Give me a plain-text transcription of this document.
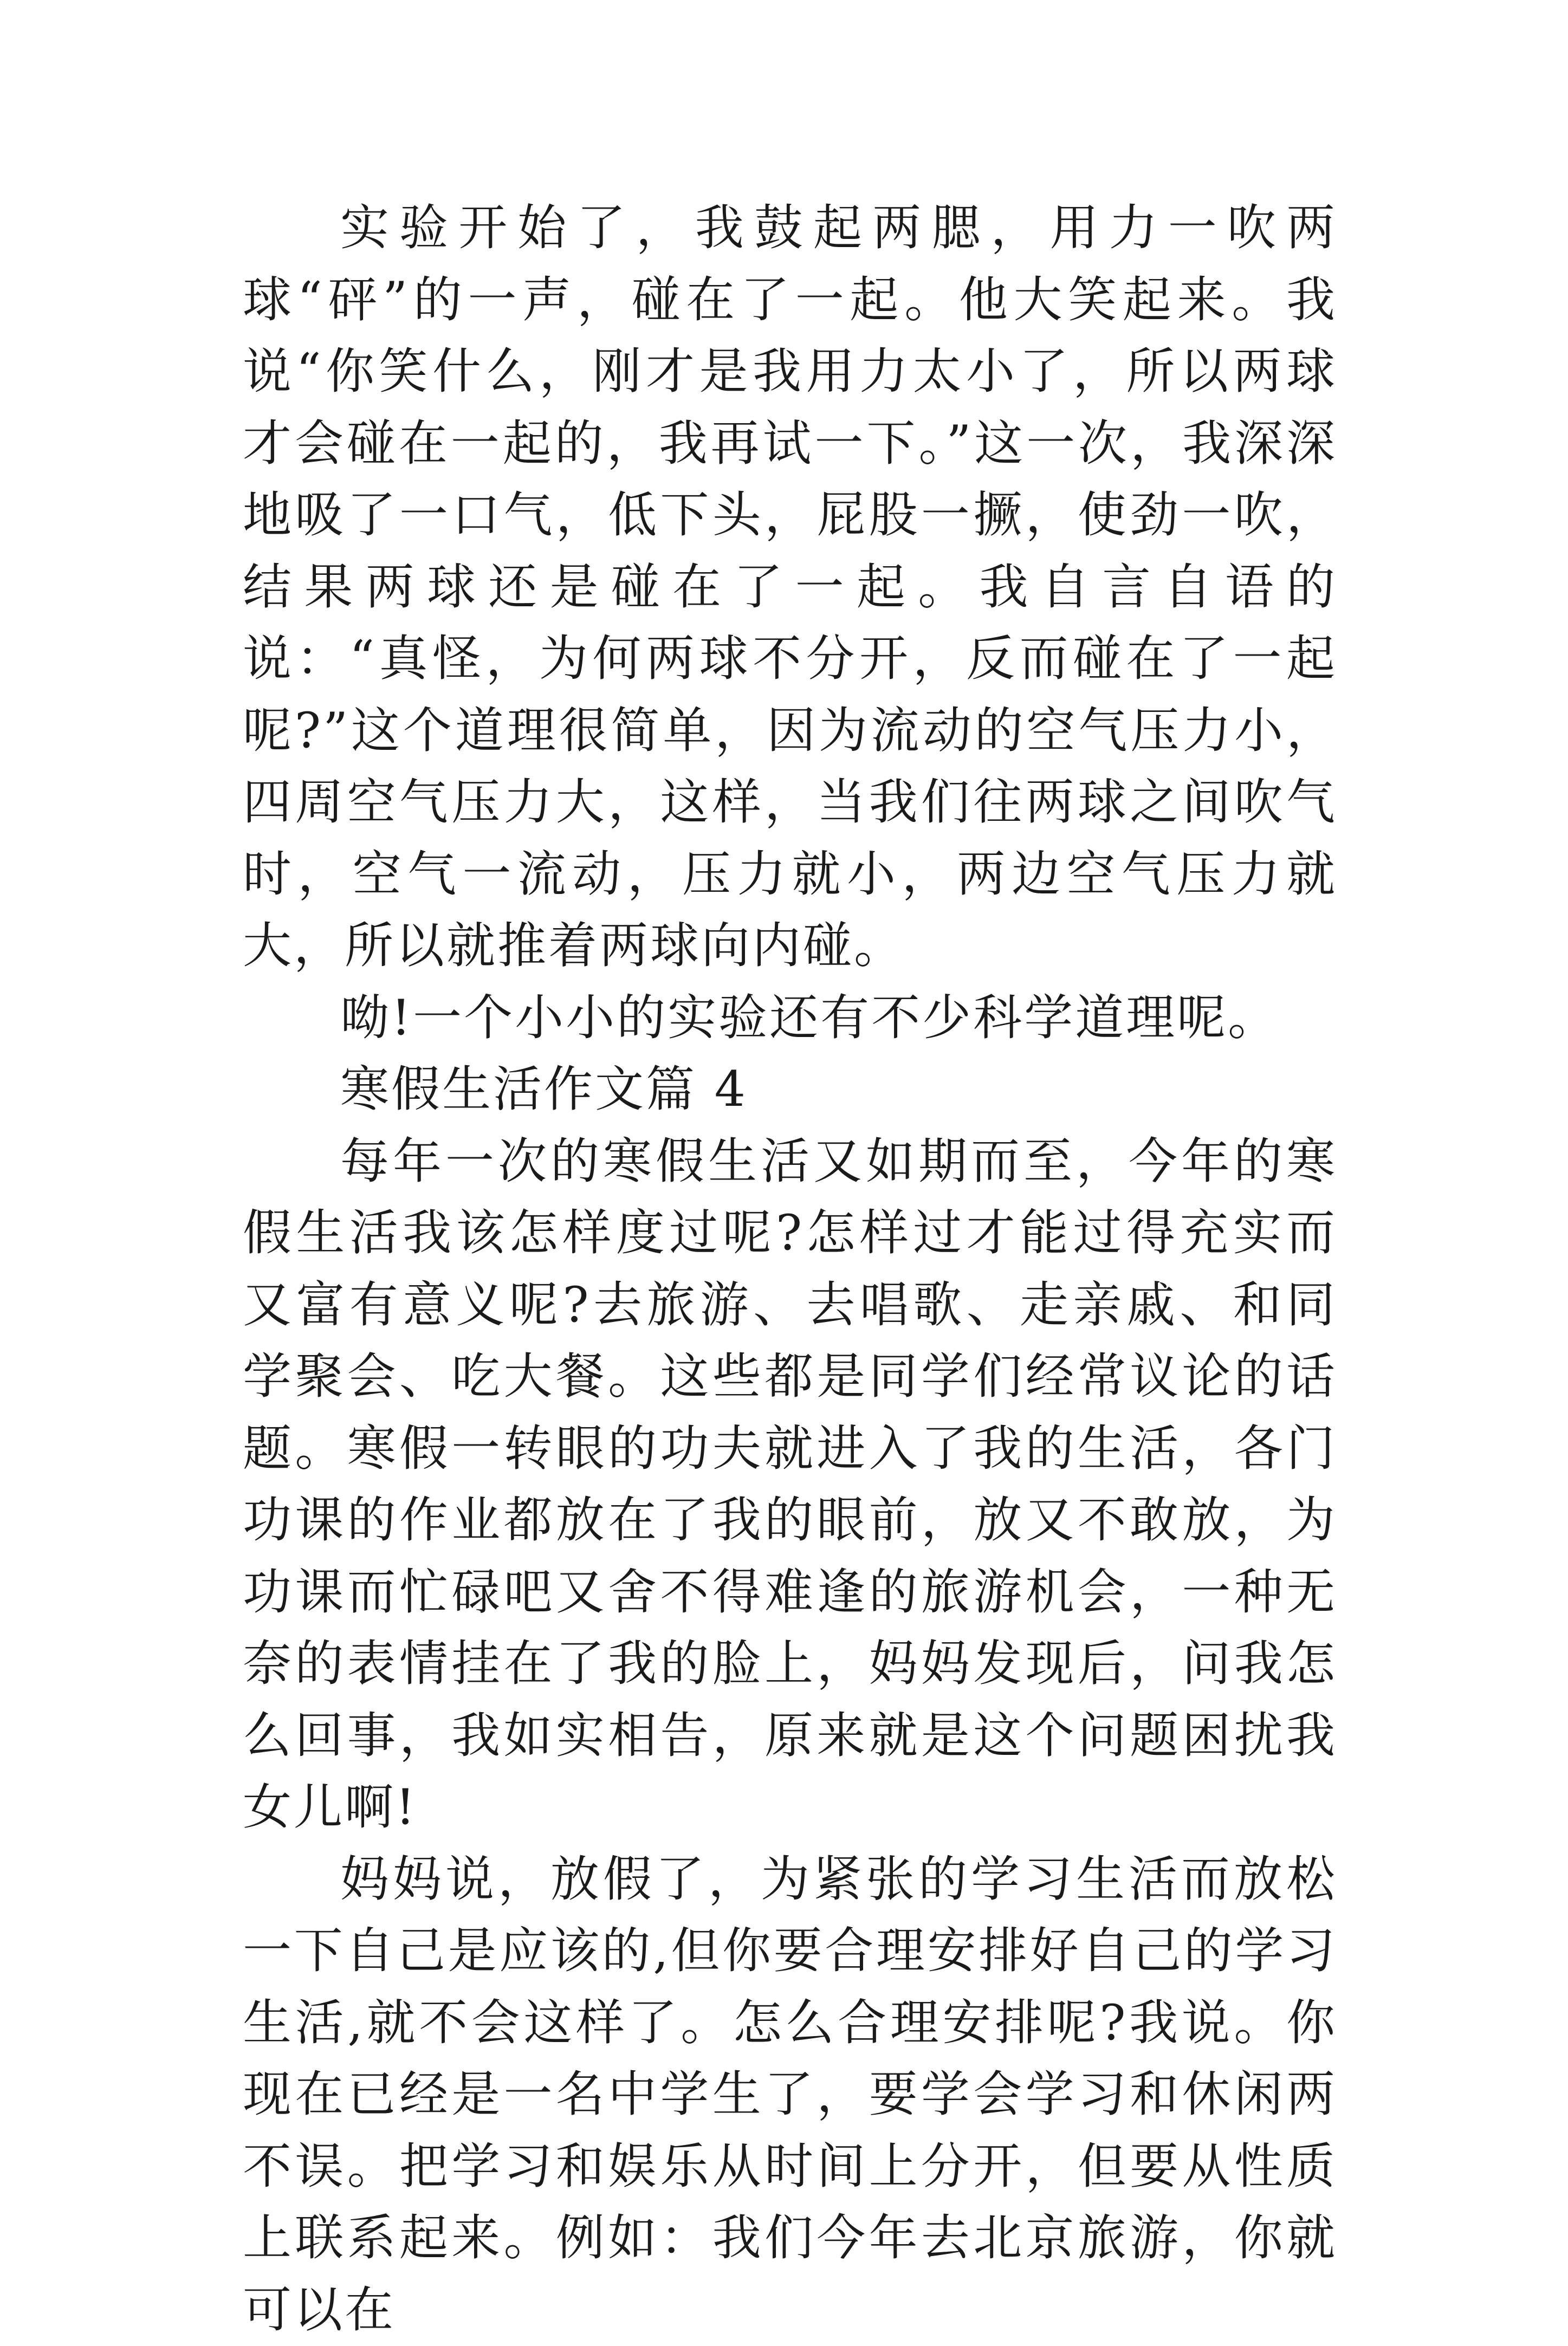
实验开始了，我鼓起两腮，用力一吹两球“砰”的一声，碰在了一起。他大笑起来。我说“你笑什么，刚才是我用力太小了，所以两球才会碰在一起的，我再试一下。”这一次，我深深地吸了一口气，低下头，屁股一撅，使劲一吹，结果两球还是碰在了一起。我自言自语的说：“真怪，为何两球不分开，反而碰在了一起呢?”这个道理很简单，因为流动的空气压力小，四周空气压力大，这样，当我们往两球之间吹气时，空气一流动，压力就小，两边空气压力就大，所以就推着两球向内碰。

呦!一个小小的实验还有不少科学道理呢。

寒假生活作文篇 4

每年一次的寒假生活又如期而至，今年的寒假生活我该怎样度过呢?怎样过才能过得充实而又富有意义呢?去旅游、去唱歌、走亲戚、和同学聚会、吃大餐。这些都是同学们经常议论的话题。寒假一转眼的功夫就进入了我的生活，各门功课的作业都放在了我的眼前，放又不敢放，为功课而忙碌吧又舍不得难逢的旅游机会，一种无奈的表情挂在了我的脸上，妈妈发现后，问我怎么回事，我如实相告，原来就是这个问题困扰我女儿啊!

妈妈说，放假了，为紧张的学习生活而放松一下自己是应该的,但你要合理安排好自己的学习生活,就不会这样了。怎么合理安排呢?我说。你现在已经是一名中学生了，要学会学习和休闲两不误。把学习和娱乐从时间上分开，但要从性质上联系起来。例如：我们今年去北京旅游，你就可以在
